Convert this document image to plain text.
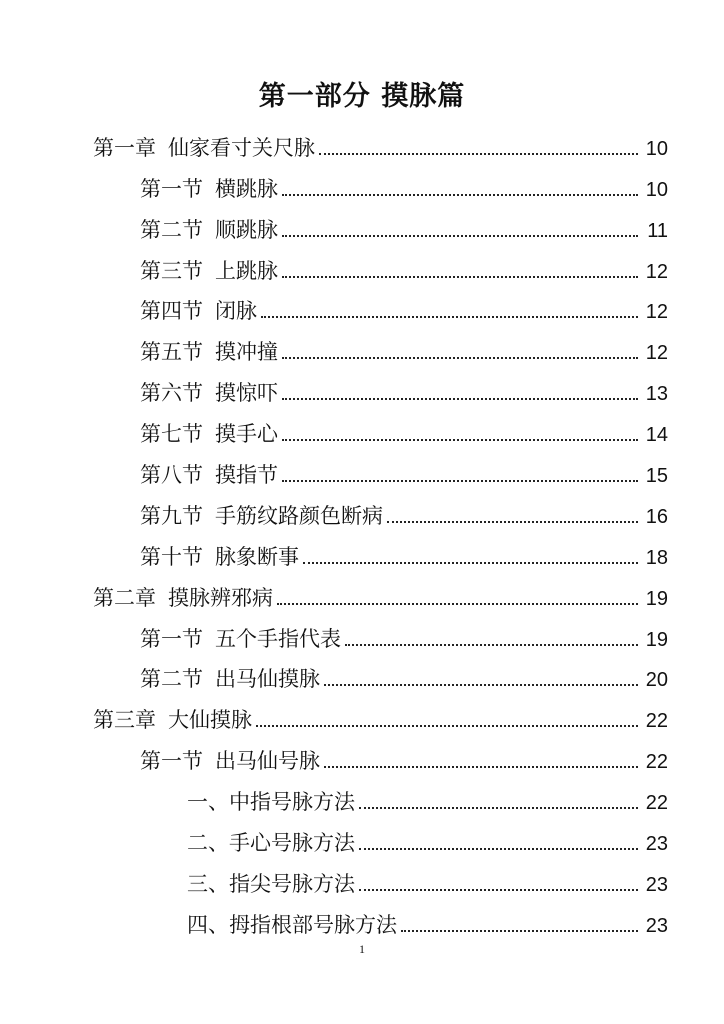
第一部分 摸脉篇
第一章 仙家看寸关尺脉	10
第一节 横跳脉	10
第二节 顺跳脉	11
第三节 上跳脉	12
第四节 闭脉	12
第五节 摸冲撞	12
第六节 摸惊吓	13
第七节 摸手心	14
第八节 摸指节	15
第九节 手筋纹路颜色断病	16
第十节 脉象断事	18
第二章 摸脉辨邪病	19
第一节 五个手指代表	19
第二节 出马仙摸脉	20
第三章 大仙摸脉	22
第一节 出马仙号脉	22
一、中指号脉方法	22
二、手心号脉方法	23
三、指尖号脉方法	23
四、拇指根部号脉方法	23
1
